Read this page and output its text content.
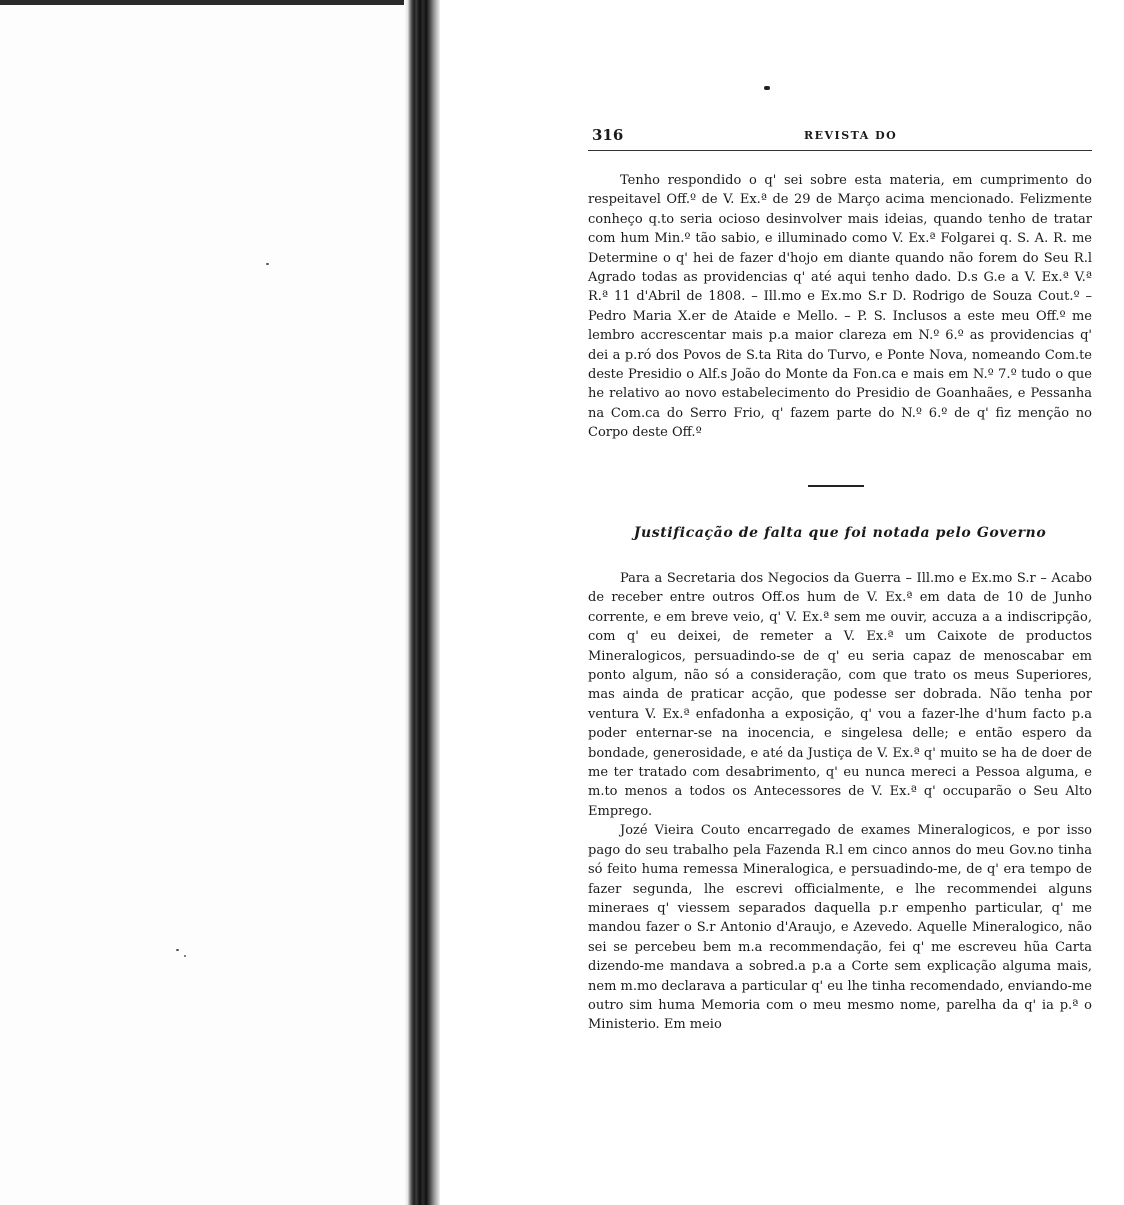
316	REVISTA DO

Tenho respondido o q' sei sobre esta materia, em cumprimento do respeitavel Off.º de V. Ex.ª de 29 de Março acima mencionado. Felizmente conheço q.to seria ocioso desinvolver mais ideias, quando tenho de tratar com hum Min.º tão sabio, e illuminado como V. Ex.ª Folgarei q. S. A. R. me Determine o q' hei de fazer d'hojo em diante quando não forem do Seu R.l Agrado todas as providencias q' até aqui tenho dado. D.s G.e a V. Ex.ª V.ª R.ª 11 d'Abril de 1808. – Ill.mo e Ex.mo S.r D. Rodrigo de Souza Cout.º – Pedro Maria X.er de Ataide e Mello. – P. S. Inclusos a este meu Off.º me lembro accrescentar mais p.a maior clareza em N.º 6.º as providencias q' dei a p.ró dos Povos de S.ta Rita do Turvo, e Ponte Nova, nomeando Com.te deste Presidio o Alf.s João do Monte da Fon.ca e mais em N.º 7.º tudo o que he relativo ao novo estabelecimento do Presidio de Goanhaães, e Pessanha na Com.ca do Serro Frio, q' fazem parte do N.º 6.º de q' fiz menção no Corpo deste Off.º

Justificação de falta que foi notada pelo Governo

Para a Secretaria dos Negocios da Guerra – Ill.mo e Ex.mo S.r – Acabo de receber entre outros Off.os hum de V. Ex.ª em data de 10 de Junho corrente, e em breve veio, q' V. Ex.ª sem me ouvir, accuza a a indiscripção, com q' eu deixei, de remeter a V. Ex.ª um Caixote de productos Mineralogicos, persuadindo-se de q' eu seria capaz de menoscabar em ponto algum, não só a consideração, com que trato os meus Superiores, mas ainda de praticar acção, que podesse ser dobrada. Não tenha por ventura V. Ex.ª enfadonha a exposição, q' vou a fazer-lhe d'hum facto p.a poder enternar-se na inocencia, e singelesa delle; e então espero da bondade, generosidade, e até da Justiça de V. Ex.ª q' muito se ha de doer de me ter tratado com desabrimento, q' eu nunca mereci a Pessoa alguma, e m.to menos a todos os Antecessores de V. Ex.ª q' occuparão o Seu Alto Emprego.

Jozé Vieira Couto encarregado de exames Mineralogicos, e por isso pago do seu trabalho pela Fazenda R.l em cinco annos do meu Gov.no tinha só feito huma remessa Mineralogica, e persuadindo-me, de q' era tempo de fazer segunda, lhe escrevi officialmente, e lhe recommendei alguns mineraes q' viessem separados daquella p.r empenho particular, q' me mandou fazer o S.r Antonio d'Araujo, e Azevedo. Aquelle Mineralogico, não sei se percebeu bem m.a recommendação, fei q' me escreveu hũa Carta dizendo-me mandava a sobred.a p.a a Corte sem explicação alguma mais, nem m.mo declarava a particular q' eu lhe tinha recomendado, enviando-me outro sim huma Memoria com o meu mesmo nome, parelha da q' ia p.ª o Ministerio. Em meio
